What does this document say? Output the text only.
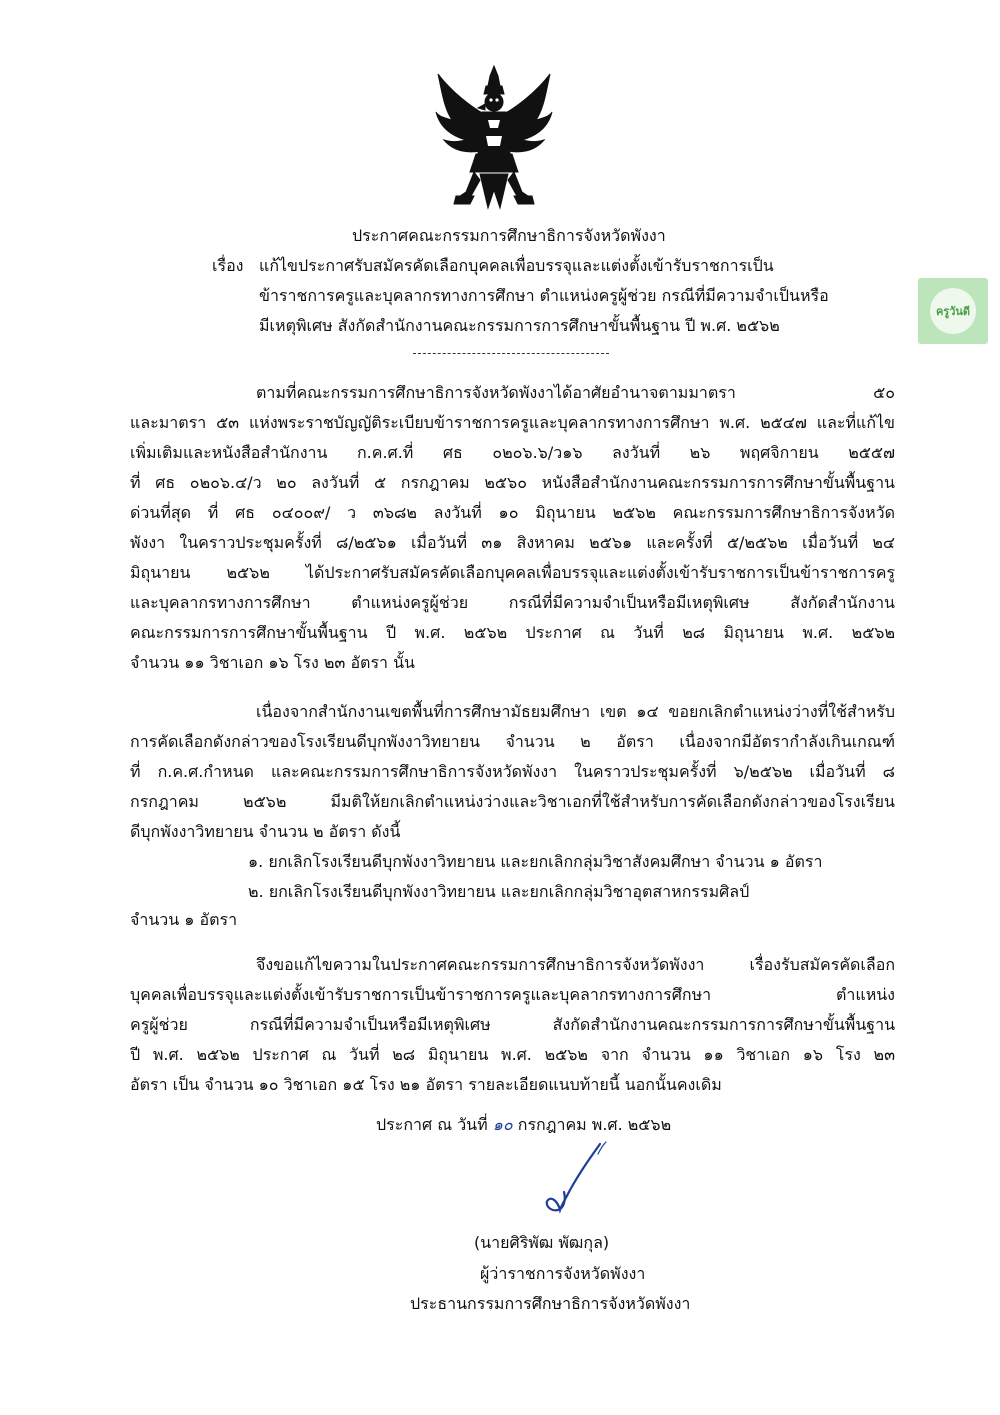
ครูวันดี
ประกาศคณะกรรมการศึกษาธิการจังหวัดพังงา
เรื่อง แก้ไขประกาศรับสมัครคัดเลือกบุคคลเพื่อบรรจุและแต่งตั้งเข้ารับราชการเป็น
ข้าราชการครูและบุคลากรทางการศึกษา ตำแหน่งครูผู้ช่วย กรณีที่มีความจำเป็นหรือ
มีเหตุพิเศษ สังกัดสำนักงานคณะกรรมการการศึกษาขั้นพื้นฐาน ปี พ.ศ. ๒๕๖๒
ตามที่คณะกรรมการศึกษาธิการจังหวัดพังงาได้อาศัยอำนาจตามมาตรา ๕๐
และมาตรา ๕๓ แห่งพระราชบัญญัติระเบียบข้าราชการครูและบุคลากรทางการศึกษา พ.ศ. ๒๕๔๗ และที่แก้ไข
เพิ่มเติมและหนังสือสำนักงาน ก.ค.ศ.ที่ ศธ ๐๒๐๖.๖/ว๑๖ ลงวันที่ ๒๖ พฤศจิกายน ๒๕๕๗
ที่ ศธ ๐๒๐๖.๔/ว ๒๐ ลงวันที่ ๕ กรกฎาคม ๒๕๖๐ หนังสือสำนักงานคณะกรรมการการศึกษาขั้นพื้นฐาน
ด่วนที่สุด ที่ ศธ ๐๔๐๐๙/ ว ๓๖๘๒ ลงวันที่ ๑๐ มิถุนายน ๒๕๖๒ คณะกรรมการศึกษาธิการจังหวัด
พังงา ในคราวประชุมครั้งที่ ๘/๒๕๖๑ เมื่อวันที่ ๓๑ สิงหาคม ๒๕๖๑ และครั้งที่ ๕/๒๕๖๒ เมื่อวันที่ ๒๔
มิถุนายน ๒๕๖๒ ได้ประกาศรับสมัครคัดเลือกบุคคลเพื่อบรรจุและแต่งตั้งเข้ารับราชการเป็นข้าราชการครู
และบุคลากรทางการศึกษา ตำแหน่งครูผู้ช่วย กรณีที่มีความจำเป็นหรือมีเหตุพิเศษ สังกัดสำนักงาน
คณะกรรมการการศึกษาขั้นพื้นฐาน ปี พ.ศ. ๒๕๖๒ ประกาศ ณ วันที่ ๒๘ มิถุนายน พ.ศ. ๒๕๖๒
จำนวน ๑๑ วิชาเอก ๑๖ โรง ๒๓ อัตรา นั้น
เนื่องจากสำนักงานเขตพื้นที่การศึกษามัธยมศึกษา เขต ๑๔ ขอยกเลิกตำแหน่งว่างที่ใช้สำหรับ
การคัดเลือกดังกล่าวของโรงเรียนดีบุกพังงาวิทยายน จำนวน ๒ อัตรา เนื่องจากมีอัตรากำลังเกินเกณฑ์
ที่ ก.ค.ศ.กำหนด และคณะกรรมการศึกษาธิการจังหวัดพังงา ในคราวประชุมครั้งที่ ๖/๒๕๖๒ เมื่อวันที่ ๘
กรกฎาคม ๒๕๖๒ มีมติให้ยกเลิกตำแหน่งว่างและวิชาเอกที่ใช้สำหรับการคัดเลือกดังกล่าวของโรงเรียน
ดีบุกพังงาวิทยายน จำนวน ๒ อัตรา ดังนี้
๑. ยกเลิกโรงเรียนดีบุกพังงาวิทยายน และยกเลิกกลุ่มวิชาสังคมศึกษา จำนวน ๑ อัตรา
๒. ยกเลิกโรงเรียนดีบุกพังงาวิทยายน และยกเลิกกลุ่มวิชาอุตสาหกรรมศิลป์
จำนวน ๑ อัตรา
จึงขอแก้ไขความในประกาศคณะกรรมการศึกษาธิการจังหวัดพังงา เรื่องรับสมัครคัดเลือก
บุคคลเพื่อบรรจุและแต่งตั้งเข้ารับราชการเป็นข้าราชการครูและบุคลากรทางการศึกษา ตำแหน่ง
ครูผู้ช่วย กรณีที่มีความจำเป็นหรือมีเหตุพิเศษ สังกัดสำนักงานคณะกรรมการการศึกษาขั้นพื้นฐาน
ปี พ.ศ. ๒๕๖๒ ประกาศ ณ วันที่ ๒๘ มิถุนายน พ.ศ. ๒๕๖๒ จาก จำนวน ๑๑ วิชาเอก ๑๖ โรง ๒๓
อัตรา เป็น จำนวน ๑๐ วิชาเอก ๑๕ โรง ๒๑ อัตรา รายละเอียดแนบท้ายนี้ นอกนั้นคงเดิม
ประกาศ ณ วันที่ ๑๐ กรกฎาคม พ.ศ. ๒๕๖๒
(นายศิริพัฒ พัฒกุล)
ผู้ว่าราชการจังหวัดพังงา
ประธานกรรมการศึกษาธิการจังหวัดพังงา
